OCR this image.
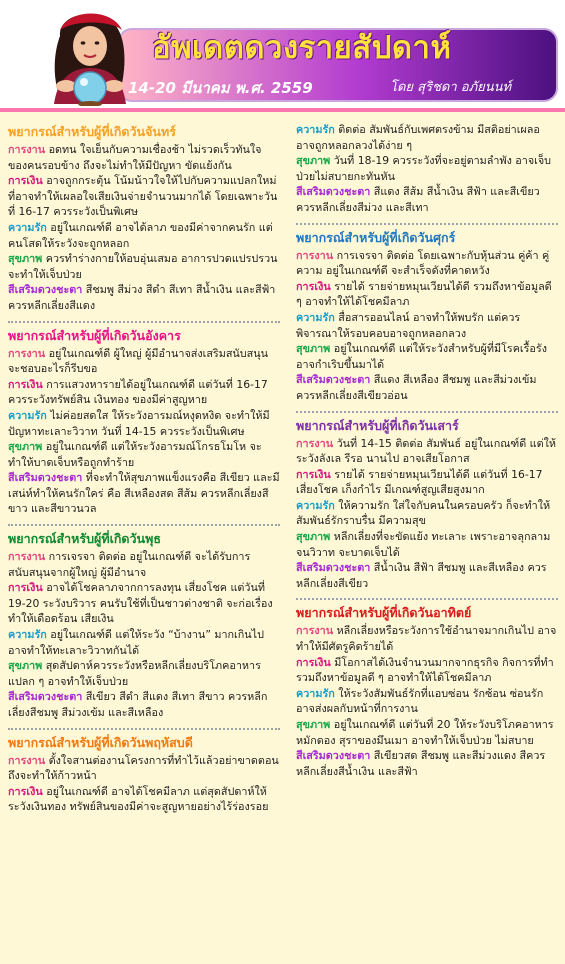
อัพเดตดวงรายสัปดาห์
14-20 มีนาคม พ.ศ. 2559	โดย สุริชดา อภัยนนท์
พยากรณ์สำหรับผู้ที่เกิดวันจันทร์

การงาน อดทน ใจเย็นกับความเชื่องช้า ไม่รวดเร็วทันใจของคนรอบข้าง ถึงจะไม่ทำให้มีปัญหา ขัดแย้งกัน

การเงิน อาจถูกกระตุ้น โน้มน้าวใจให้ไปกับความแปลกใหม่ ที่อาจทำให้เผลอใจเสียเงินจ่ายจำนวนมากได้ โดยเฉพาะวันที่ 16-17 ควรระวังเป็นพิเศษ

ความรัก อยู่ในเกณฑ์ดี อาจได้ลาภ ของมีค่าจากคนรัก แต่คนโสดให้ระวังจะถูกหลอก

สุขภาพ ควรทำร่างกายให้อบอุ่นเสมอ อาการปวดแปรปรวนจะทำให้เจ็บป่วย

สีเสริมดวงชะตา สีชมพู สีม่วง สีดำ สีเทา สีน้ำเงิน และสีฟ้า ควรหลีกเลี่ยงสีแดง

พยากรณ์สำหรับผู้ที่เกิดวันอังคาร

การงาน อยู่ในเกณฑ์ดี ผู้ใหญ่ ผู้มีอำนาจส่งเสริมสนับสนุน จะชอบอะไรก็รีบขอ

การเงิน การแสวงหารายได้อยู่ในเกณฑ์ดี แต่วันที่ 16-17 ควรระวังทรัพย์สิน เงินทอง ของมีค่าสูญหาย

ความรัก ไม่ค่อยสดใส ให้ระวังอารมณ์หงุดหงิด จะทำให้มีปัญหาทะเลาะวิวาท วันที่ 14-15 ควรระวังเป็นพิเศษ

สุขภาพ อยู่ในเกณฑ์ดี แต่ให้ระวังอารมณ์โกรธโมโห จะทำให้บาดเจ็บหรือถูกทำร้าย

สีเสริมดวงชะตา ที่จะทำให้สุขภาพแข็งแรงคือ สีเขียว และมีเสน่ห์ทำให้คนรักใคร่ คือ สีเหลืองสด สีส้ม ควรหลีกเลี่ยงสีขาว และสีขาวนวล

พยากรณ์สำหรับผู้ที่เกิดวันพุธ

การงาน การเจรจา ติดต่อ อยู่ในเกณฑ์ดี จะได้รับการสนับสนุนจากผู้ใหญ่ ผู้มีอำนาจ

การเงิน อาจได้โชคลาภจากการลงทุน เสี่ยงโชค แต่วันที่ 19-20 ระวังบริวาร คนรับใช้ที่เป็นชาวต่างชาติ จะก่อเรื่องทำให้เดือดร้อน เสียเงิน

ความรัก อยู่ในเกณฑ์ดี แต่ให้ระวัง “บ้างาน” มากเกินไป อาจทำให้ทะเลาะวิวาทกันได้

สุขภาพ สุดสัปดาห์ควรระวังหรือหลีกเลี่ยงบริโภคอาหารแปลก ๆ อาจทำให้เจ็บป่วย

สีเสริมดวงชะตา สีเขียว สีดำ สีแดง สีเทา สีขาว ควรหลีกเลี่ยงสีชมพู สีม่วงเข้ม และสีเหลือง

พยากรณ์สำหรับผู้ที่เกิดวันพฤหัสบดี

การงาน ตั้งใจสานต่องานโครงการที่ทำไว้แล้วอย่าขาดตอน ถึงจะทำให้ก้าวหน้า

การเงิน อยู่ในเกณฑ์ดี อาจได้โชคมีลาภ แต่สุดสัปดาห์ให้ระวังเงินทอง ทรัพย์สินของมีค่าจะสูญหายอย่างไร้ร่องรอย

ความรัก ติดต่อ สัมพันธ์กับเพศตรงข้าม มีสติอย่าเผลอ อาจถูกหลอกลวงได้ง่าย ๆ

สุขภาพ วันที่ 18-19 ควรระวังที่จะอยู่ตามลำพัง อาจเจ็บป่วยไม่สบายกะทันหัน

สีเสริมดวงชะตา สีแดง สีส้ม สีน้ำเงิน สีฟ้า และสีเขียว ควรหลีกเลี่ยงสีม่วง และสีเทา

พยากรณ์สำหรับผู้ที่เกิดวันศุกร์

การงาน การเจรจา ติดต่อ โดยเฉพาะกับหุ้นส่วน คู่ค้า คู่ความ อยู่ในเกณฑ์ดี จะสำเร็จดังที่คาดหวัง

การเงิน รายได้ รายจ่ายหมุนเวียนได้ดี รวมถึงหาข้อมูลดี ๆ อาจทำให้ได้โชคมีลาภ

ความรัก สื่อสารออนไลน์ อาจทำให้พบรัก แต่ควรพิจารณาให้รอบคอบอาจถูกหลอกลวง

สุขภาพ อยู่ในเกณฑ์ดี แต่ให้ระวังสำหรับผู้ที่มีโรคเรื้อรัง อาจกำเริบขึ้นมาได้

สีเสริมดวงชะตา สีแดง สีเหลือง สีชมพู และสีม่วงเข้ม ควรหลีกเลี่ยงสีเขียวอ่อน

พยากรณ์สำหรับผู้ที่เกิดวันเสาร์

การงาน วันที่ 14-15 ติดต่อ สัมพันธ์ อยู่ในเกณฑ์ดี แต่ให้ระวังลังเล รีรอ นานไป อาจเสียโอกาส

การเงิน รายได้ รายจ่ายหมุนเวียนได้ดี แต่วันที่ 16-17 เสี่ยงโชค เก็งกำไร มีเกณฑ์สูญเสียสูงมาก

ความรัก ให้ความรัก ใส่ใจกับคนในครอบครัว ก็จะทำให้สัมพันธ์รักราบรื่น มีความสุข

สุขภาพ หลีกเลี่ยงที่จะขัดแย้ง ทะเลาะ เพราะอาจลุกลามจนวิวาท จะบาดเจ็บได้

สีเสริมดวงชะตา สีน้ำเงิน สีฟ้า สีชมพู และสีเหลือง ควรหลีกเลี่ยงสีเขียว

พยากรณ์สำหรับผู้ที่เกิดวันอาทิตย์

การงาน หลีกเลี่ยงหรือระวังการใช้อำนาจมากเกินไป อาจทำให้มีศัตรูคิดร้ายได้

การเงิน มีโอกาสได้เงินจำนวนมากจากธุรกิจ กิจการที่ทำ รวมถึงหาข้อมูลดี ๆ อาจทำให้ได้โชคมีลาภ

ความรัก ให้ระวังสัมพันธ์รักที่แอบซ่อน รักซ้อน ซ่อนรัก อาจส่งผลกับหน้าที่การงาน

สุขภาพ อยู่ในเกณฑ์ดี แต่วันที่ 20 ให้ระวังบริโภคอาหารหมักดอง สุราของมึนเมา อาจทำให้เจ็บป่วย ไม่สบาย

สีเสริมดวงชะตา สีเขียวสด สีชมพู และสีม่วงแดง สีควรหลีกเลี่ยงสีน้ำเงิน และสีฟ้า
